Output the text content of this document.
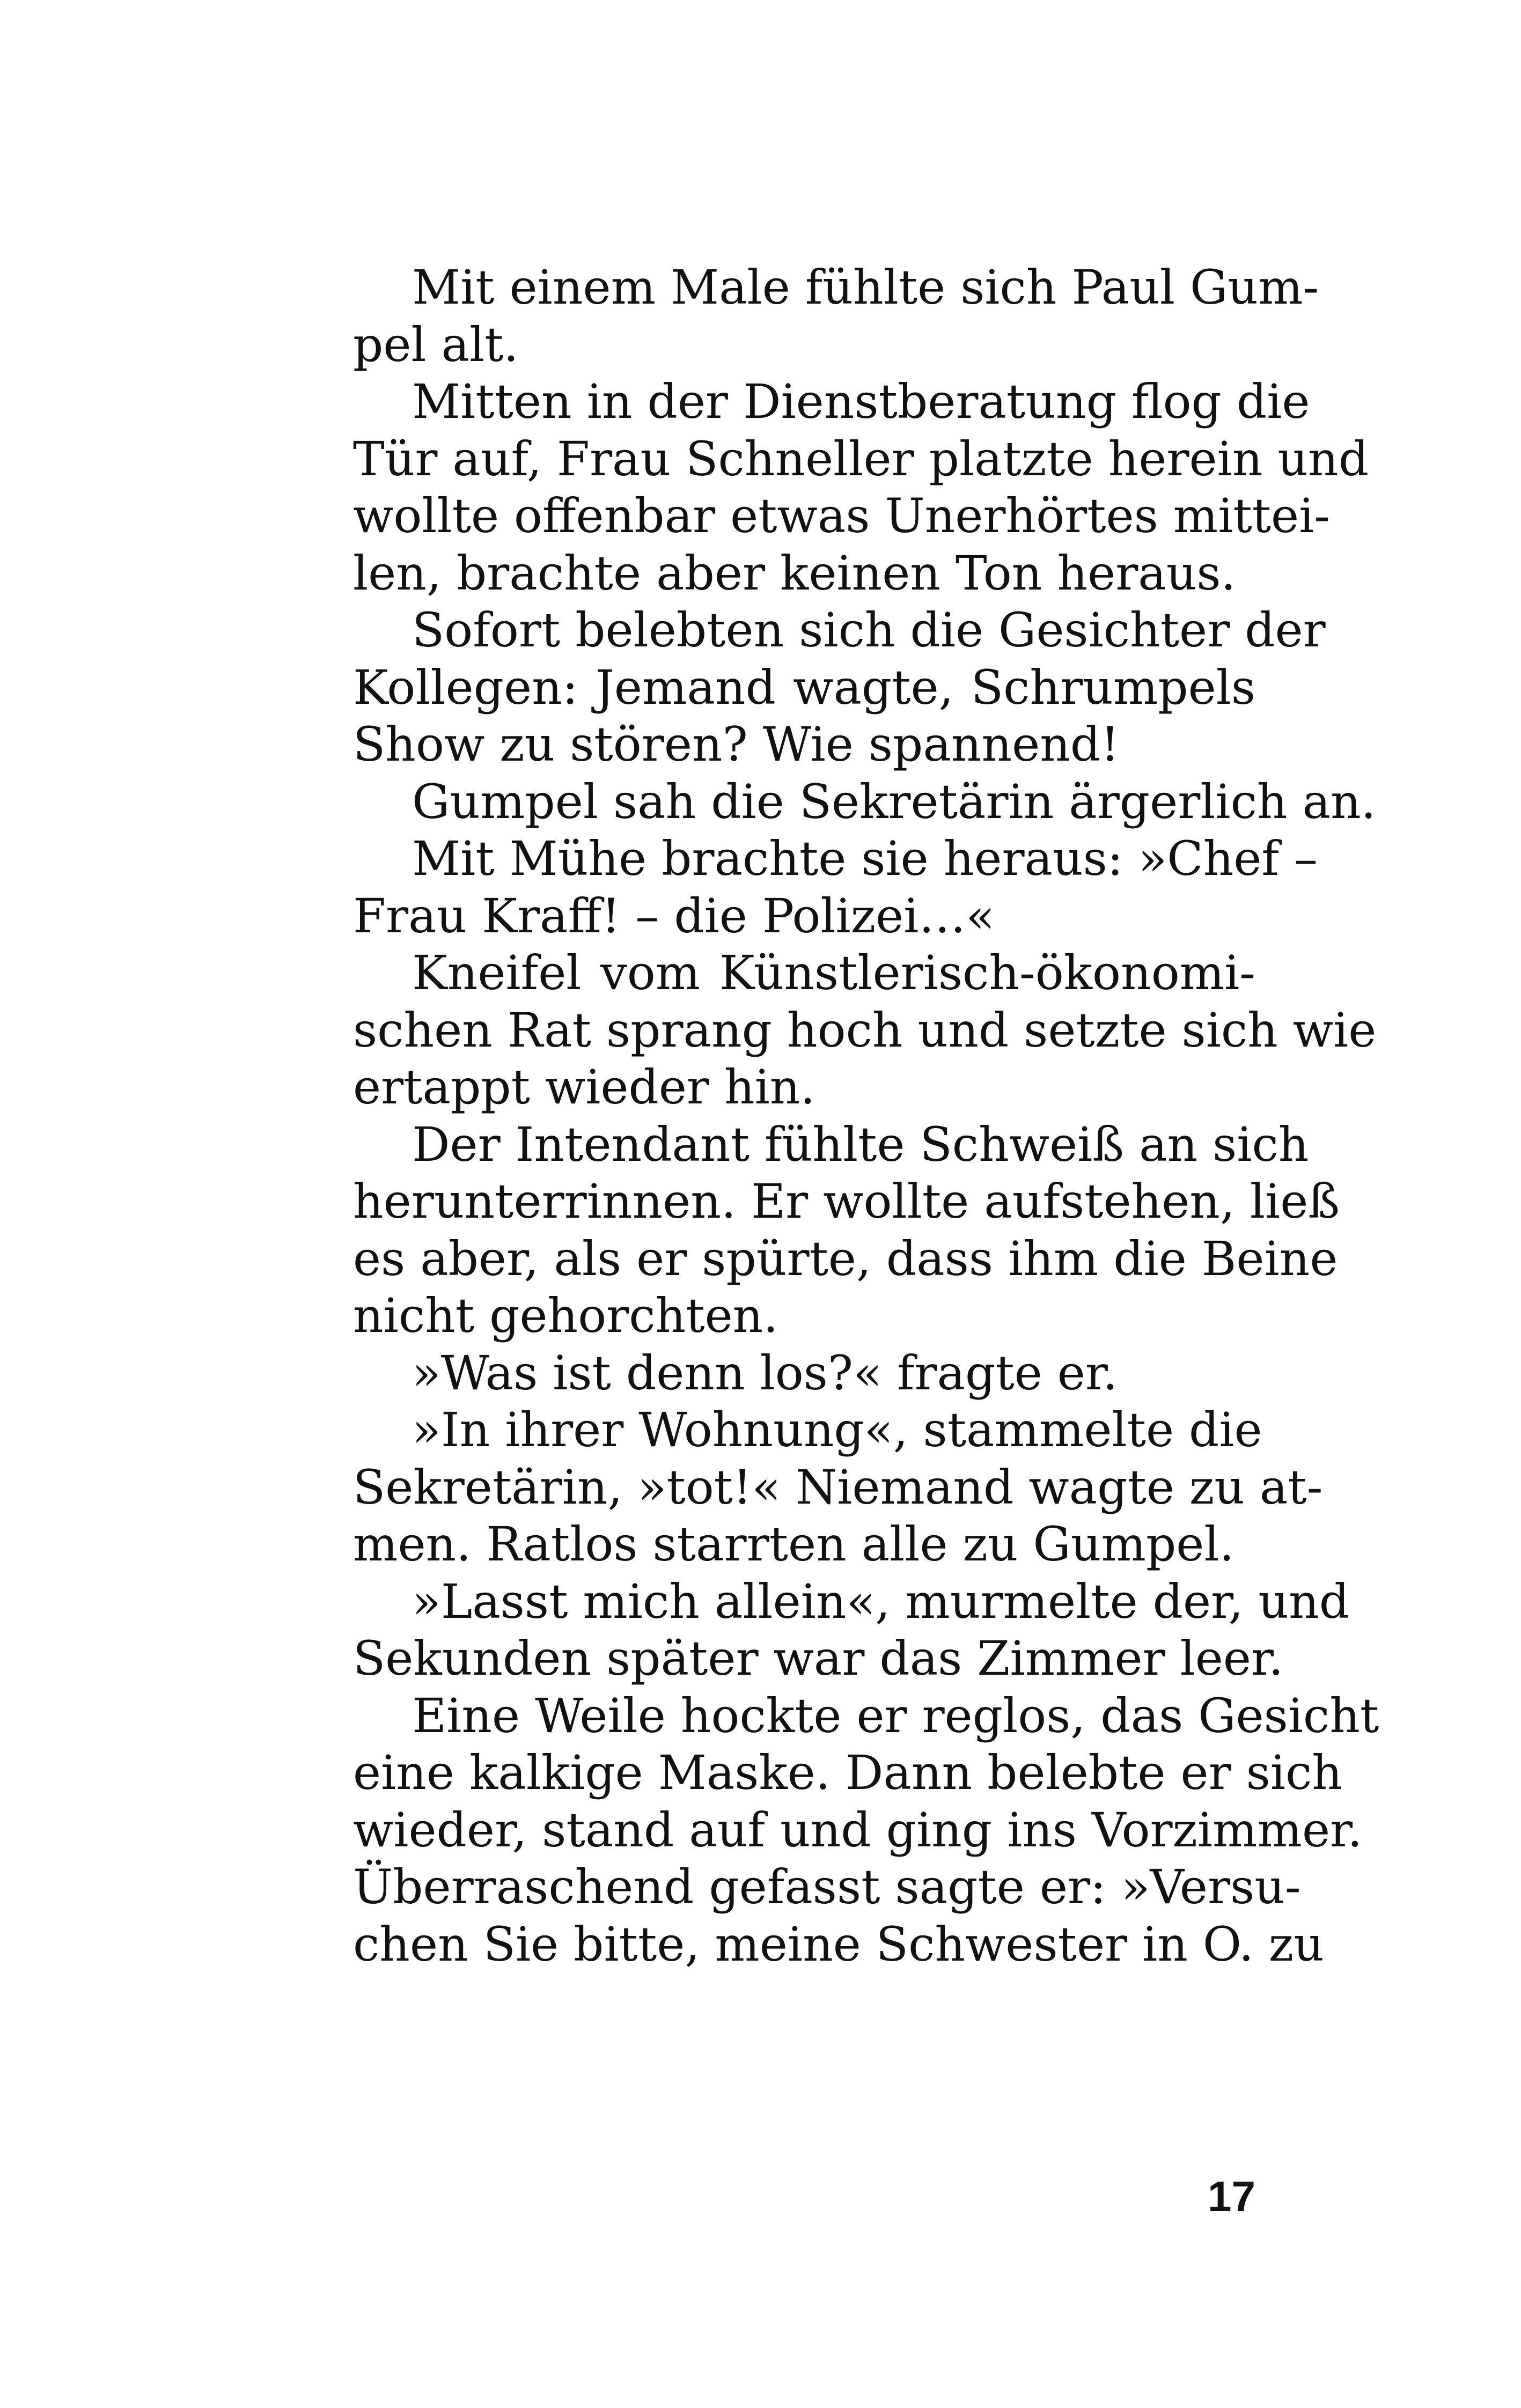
Mit einem Male fühlte sich Paul Gum-
pel alt.
Mitten in der Dienstberatung flog die
Tür auf, Frau Schneller platzte herein und
wollte offenbar etwas Unerhörtes mittei-
len, brachte aber keinen Ton heraus.
Sofort belebten sich die Gesichter der
Kollegen: Jemand wagte, Schrumpels
Show zu stören? Wie spannend!
Gumpel sah die Sekretärin ärgerlich an.
Mit Mühe brachte sie heraus: »Chef –
Frau Kraff! – die Polizei…«
Kneifel vom Künstlerisch-ökonomi-
schen Rat sprang hoch und setzte sich wie
ertappt wieder hin.
Der Intendant fühlte Schweiß an sich
herunterrinnen. Er wollte aufstehen, ließ
es aber, als er spürte, dass ihm die Beine
nicht gehorchten.
»Was ist denn los?« fragte er.
»In ihrer Wohnung«, stammelte die
Sekretärin, »tot!« Niemand wagte zu at-
men. Ratlos starrten alle zu Gumpel.
»Lasst mich allein«, murmelte der, und
Sekunden später war das Zimmer leer.
Eine Weile hockte er reglos, das Gesicht
eine kalkige Maske. Dann belebte er sich
wieder, stand auf und ging ins Vorzimmer.
Überraschend gefasst sagte er: »Versu-
chen Sie bitte, meine Schwester in O. zu
17
